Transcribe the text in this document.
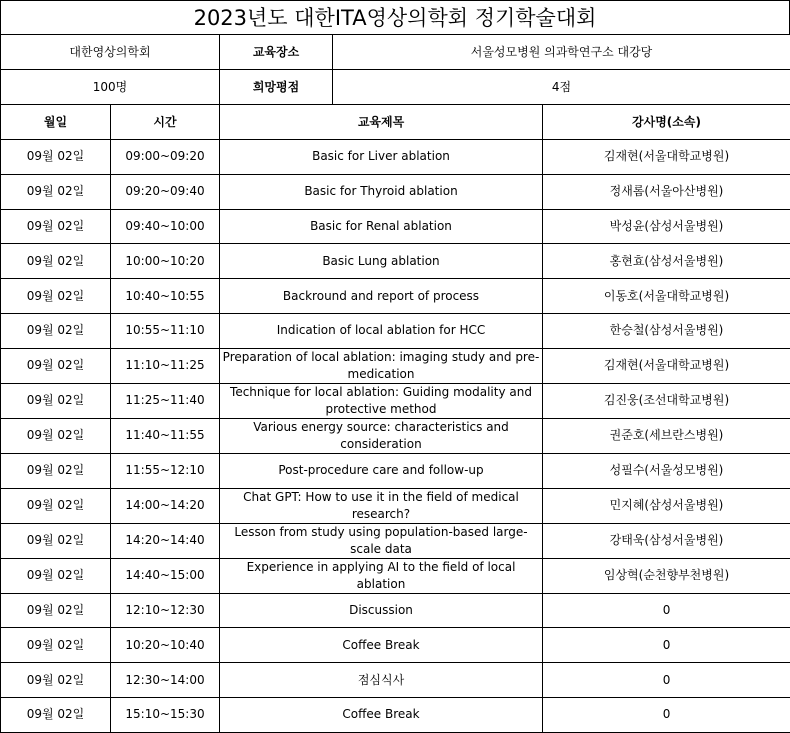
2023년도 대한ITA영상의학회 정기학술대회
대한영상의학회		교육장소	서울성모병원 의과학연구소 대강당	
100명		희망평점	4점	
월일	시간	교육제목		강사명(소속)
09월 02일	09:00~09:20	Basic for Liver ablation		김재현(서울대학교병원)
09월 02일	09:20~09:40	Basic for Thyroid ablation		정새롬(서울아산병원)
09월 02일	09:40~10:00	Basic for Renal ablation		박성윤(삼성서울병원)
09월 02일	10:00~10:20	Basic Lung ablation		홍현효(삼성서울병원)
09월 02일	10:40~10:55	Backround and report of process		이동호(서울대학교병원)
09월 02일	10:55~11:10	Indication of local ablation for HCC		한승철(삼성서울병원)
09월 02일	11:10~11:25	Preparation of local ablation: imaging study and pre-medication		김재현(서울대학교병원)
09월 02일	11:25~11:40	Technique for local ablation: Guiding modality and protective method		김진웅(조선대학교병원)
09월 02일	11:40~11:55	Various energy source: characteristics and consideration		권준호(세브란스병원)
09월 02일	11:55~12:10	Post-procedure care and follow-up		성필수(서울성모병원)
09월 02일	14:00~14:20	Chat GPT: How to use it in the field of medical research?		민지혜(삼성서울병원)
09월 02일	14:20~14:40	Lesson from study using population-based large-scale data		강태욱(삼성서울병원)
09월 02일	14:40~15:00	Experience in applying AI to the field of local ablation		임상혁(순천향부천병원)
09월 02일	12:10~12:30	Discussion		0
09월 02일	10:20~10:40	Coffee Break		0
09월 02일	12:30~14:00	점심식사		0
09월 02일	15:10~15:30	Coffee Break		0
